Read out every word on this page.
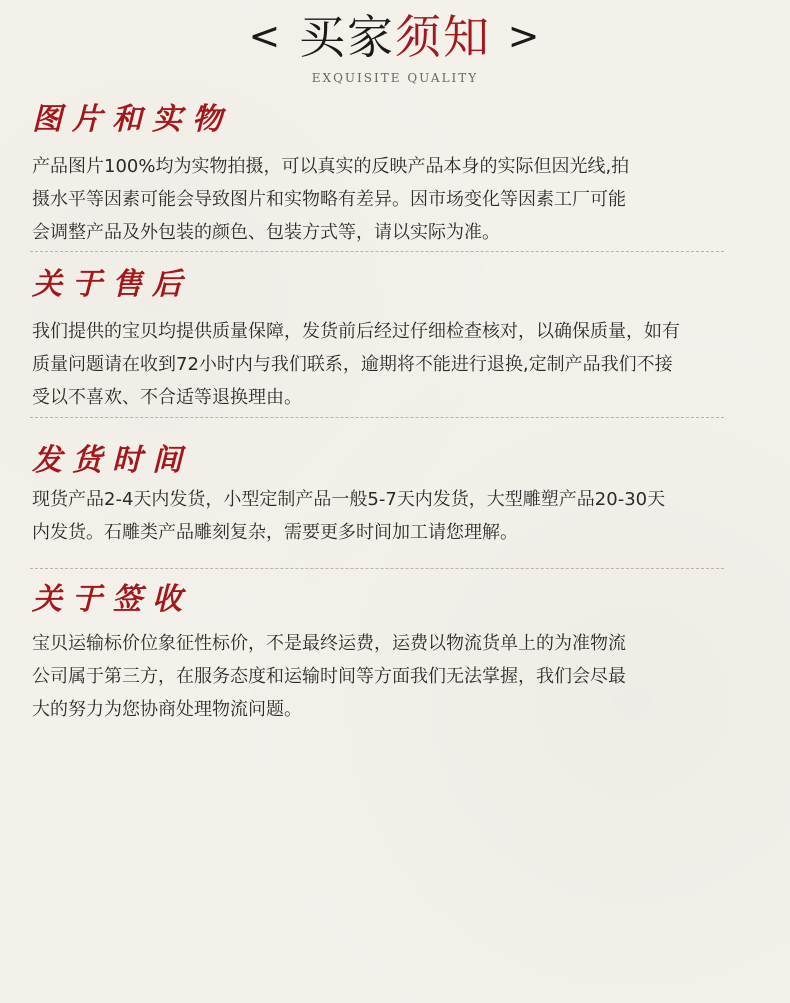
< 买家须知 >
EXQUISITE QUALITY
图片和实物
产品图片100%均为实物拍摄，可以真实的反映产品本身的实际但因光线,拍
摄水平等因素可能会导致图片和实物略有差异。因市场变化等因素工厂可能
会调整产品及外包装的颜色、包装方式等，请以实际为准。
关于售后
我们提供的宝贝均提供质量保障，发货前后经过仔细检查核对，以确保质量，如有
质量问题请在收到72小时内与我们联系，逾期将不能进行退换,定制产品我们不接
受以不喜欢、不合适等退换理由。
发货时间
现货产品2-4天内发货，小型定制产品一般5-7天内发货，大型雕塑产品20-30天
内发货。石雕类产品雕刻复杂，需要更多时间加工请您理解。
关于签收
宝贝运输标价位象征性标价，不是最终运费，运费以物流货单上的为准物流
公司属于第三方，在服务态度和运输时间等方面我们无法掌握，我们会尽最
大的努力为您协商处理物流问题。
